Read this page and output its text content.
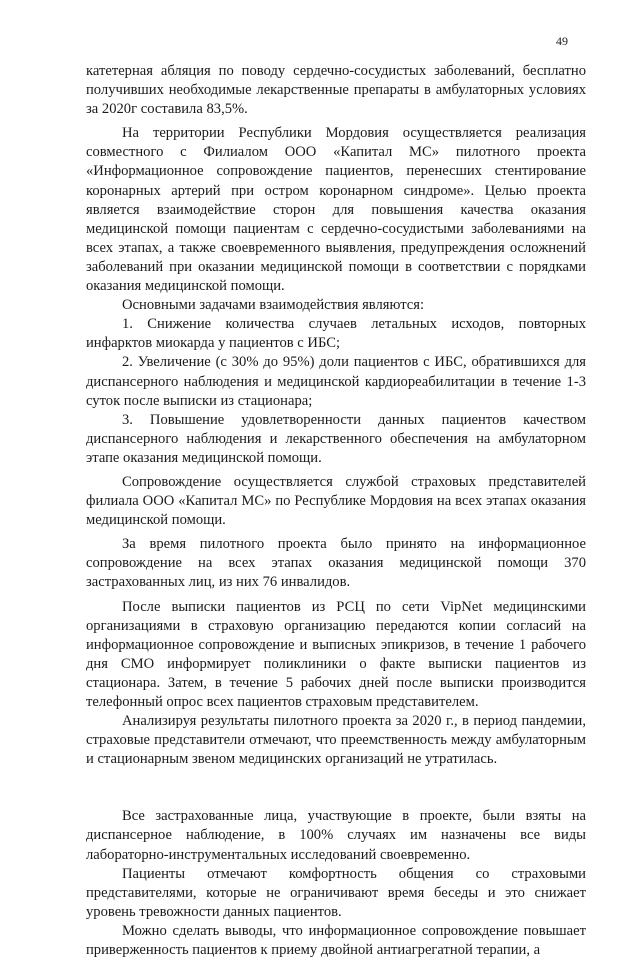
49

катетерная абляция по поводу сердечно-сосудистых заболеваний, бесплатно получивших необходимые лекарственные препараты в амбулаторных условиях за 2020г составила 83,5%.

На территории Республики Мордовия осуществляется реализация совместного с Филиалом ООО «Капитал МС» пилотного проекта «Информационное сопровождение пациентов, перенесших стентирование коронарных артерий при остром коронарном синдроме». Целью проекта является взаимодействие сторон для повышения качества оказания медицинской помощи пациентам с сердечно-сосудистыми заболеваниями на всех этапах, а также своевременного выявления, предупреждения осложнений заболеваний при оказании медицинской помощи в соответствии с порядками оказания медицинской помощи.

Основными задачами взаимодействия являются:

1. Снижение количества случаев летальных исходов, повторных инфарктов миокарда у пациентов с ИБС;

2. Увеличение (с 30% до 95%) доли пациентов с ИБС, обратившихся для диспансерного наблюдения и медицинской кардиореабилитации в течение 1-3 суток после выписки из стационара;

3. Повышение удовлетворенности данных пациентов качеством диспансерного наблюдения и лекарственного обеспечения на амбулаторном этапе оказания медицинской помощи.

Сопровождение осуществляется службой страховых представителей филиала ООО «Капитал МС» по Республике Мордовия на всех этапах оказания медицинской помощи.

За время пилотного проекта было принято на информационное сопровождение на всех этапах оказания медицинской помощи 370 застрахованных лиц, из них 76 инвалидов.

После выписки пациентов из РСЦ по сети VipNet медицинскими организациями в страховую организацию передаются копии согласий на информационное сопровождение и выписных эпикризов, в течение 1 рабочего дня СМО информирует поликлиники о факте выписки пациентов из стационара. Затем, в течение 5 рабочих дней после выписки производится телефонный опрос всех пациентов страховым представителем.

Анализируя результаты пилотного проекта за 2020 г., в период пандемии, страховые представители отмечают, что преемственность между амбулаторным и стационарным звеном медицинских организаций не утратилась.

Все застрахованные лица, участвующие в проекте, были взяты на диспансерное наблюдение, в 100% случаях им назначены все виды лабораторно-инструментальных исследований своевременно.

Пациенты отмечают комфортность общения со страховыми представителями, которые не ограничивают время беседы и это снижает уровень тревожности данных пациентов.

Можно сделать выводы, что информационное сопровождение повышает приверженность пациентов к приему двойной антиагрегатной терапии, а
